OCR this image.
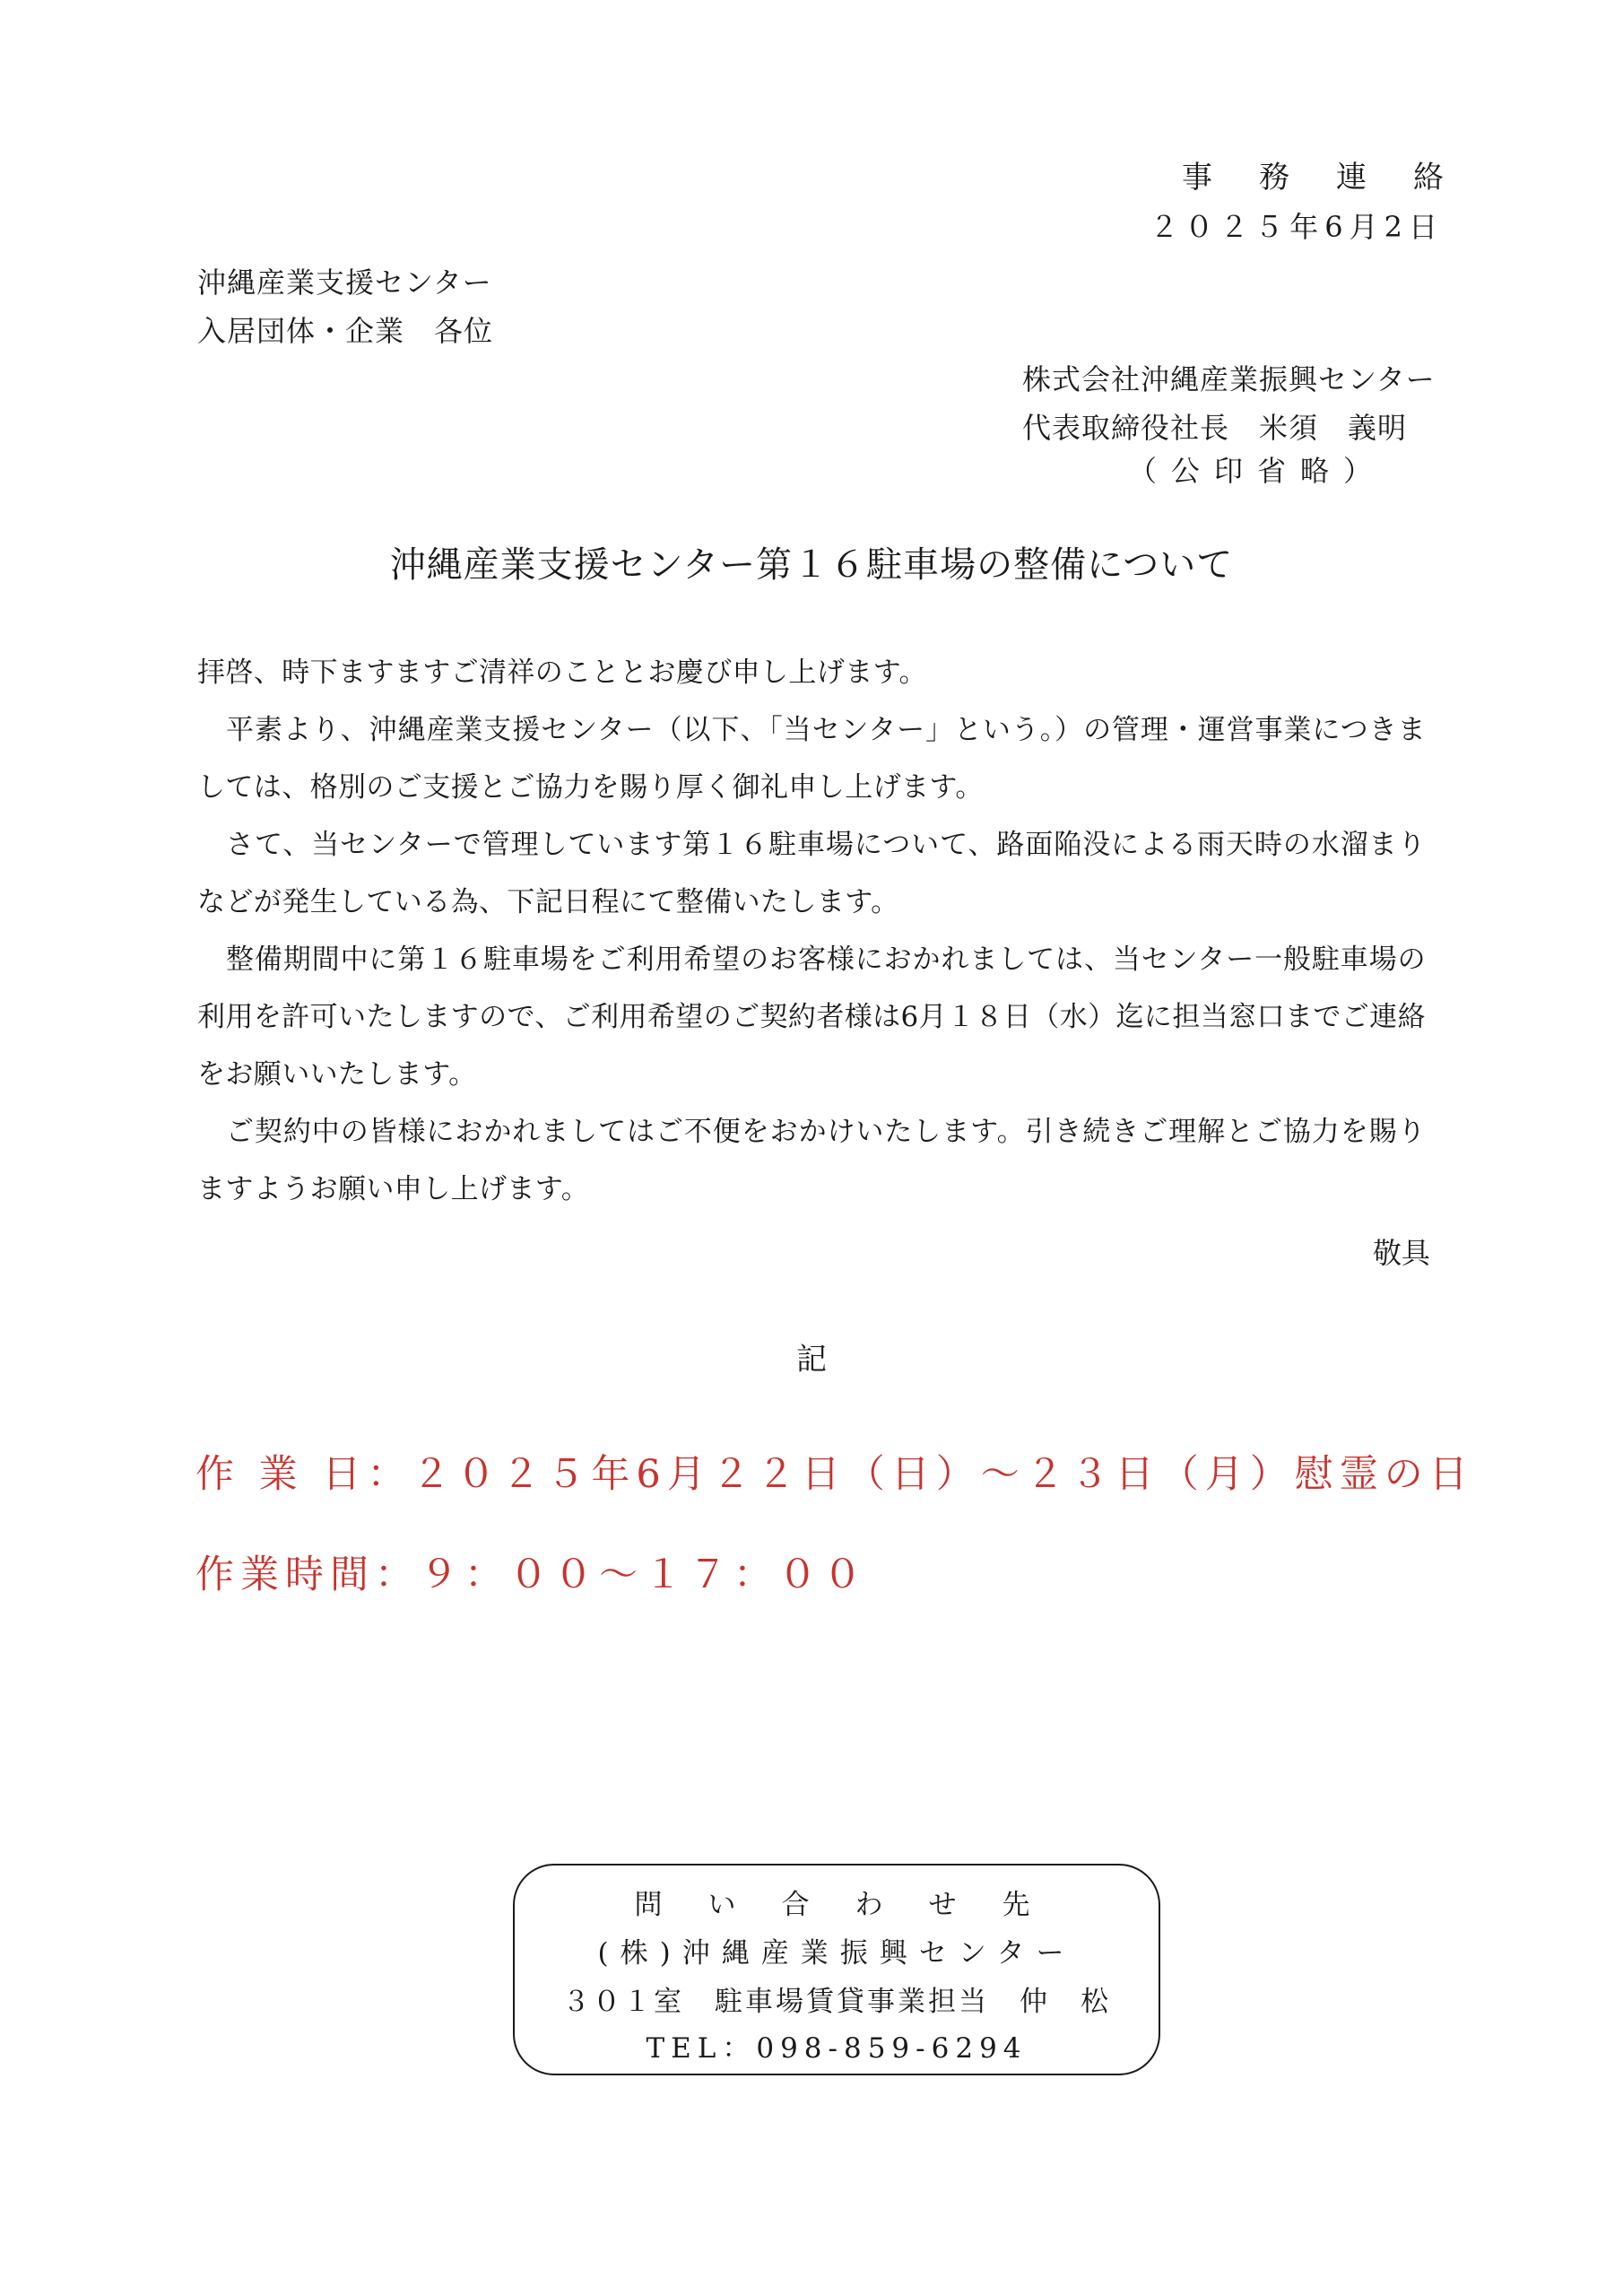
事務連絡
２０２５年6月2日
沖縄産業支援センター
入居団体・企業　各位
株式会社沖縄産業振興センター
代表取締役社長　米須　義明
（公印省略）
沖縄産業支援センター第１６駐車場の整備について

拝啓、時下ますますご清祥のこととお慶び申し上げます。

平素より、沖縄産業支援センター（以下、「当センター」という。）の管理・運営事業につきましては、格別のご支援とご協力を賜り厚く御礼申し上げます。

さて、当センターで管理しています第１６駐車場について、路面陥没による雨天時の水溜まりなどが発生している為、下記日程にて整備いたします。

整備期間中に第１６駐車場をご利用希望のお客様におかれましては、当センター一般駐車場の利用を許可いたしますので、ご利用希望のご契約者様は6月１８日（水）迄に担当窓口までご連絡をお願いいたします。

ご契約中の皆様におかれましてはご不便をおかけいたします。引き続きご理解とご協力を賜りますようお願い申し上げます。

敬具
記
作 業 日：２０２５年6月２２日（日）～２３日（月）慰霊の日
作業時間：９：００～１７：００
問　い　合　わ　せ　先
(株)沖縄産業振興センター
３０１室　駐車場賃貸事業担当　仲　松
TEL：098-859-6294
